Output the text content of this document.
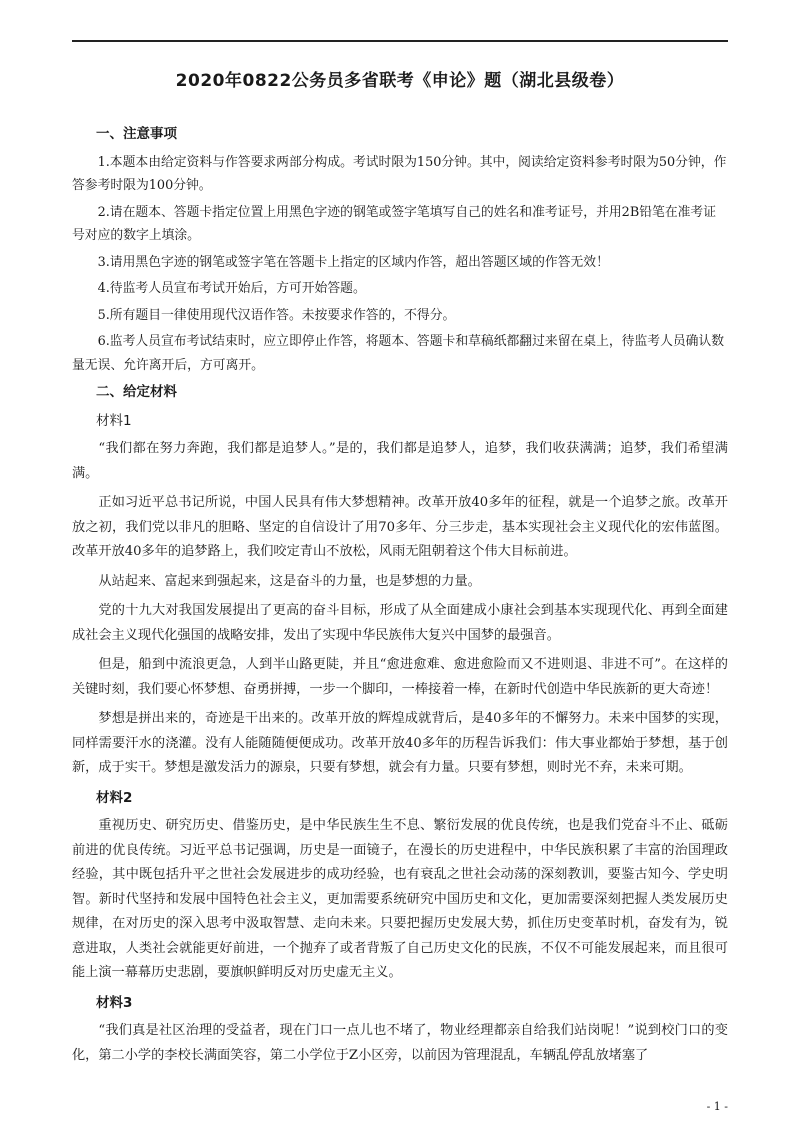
2020年0822公务员多省联考《申论》题（湖北县级卷）
一、注意事项

1.本题本由给定资料与作答要求两部分构成。考试时限为150分钟。其中，阅读给定资料参考时限为50分钟，作答参考时限为100分钟。

2.请在题本、答题卡指定位置上用黑色字迹的钢笔或签字笔填写自己的姓名和准考证号，并用2B铅笔在准考证号对应的数字上填涂。

3.请用黑色字迹的钢笔或签字笔在答题卡上指定的区域内作答，超出答题区域的作答无效！

4.待监考人员宣布考试开始后，方可开始答题。

5.所有题目一律使用现代汉语作答。未按要求作答的，不得分。

6.监考人员宣布考试结束时，应立即停止作答，将题本、答题卡和草稿纸都翻过来留在桌上，待监考人员确认数量无误、允许离开后，方可离开。

二、给定材料
材料1

“我们都在努力奔跑，我们都是追梦人。”是的，我们都是追梦人，追梦，我们收获满满；追梦，我们希望满满。

正如习近平总书记所说，中国人民具有伟大梦想精神。改革开放40多年的征程，就是一个追梦之旅。改革开放之初，我们党以非凡的胆略、坚定的自信设计了用70多年、分三步走，基本实现社会主义现代化的宏伟蓝图。改革开放40多年的追梦路上，我们咬定青山不放松，风雨无阻朝着这个伟大目标前进。

从站起来、富起来到强起来，这是奋斗的力量，也是梦想的力量。

党的十九大对我国发展提出了更高的奋斗目标，形成了从全面建成小康社会到基本实现现代化、再到全面建成社会主义现代化强国的战略安排，发出了实现中华民族伟大复兴中国梦的最强音。

但是，船到中流浪更急，人到半山路更陡，并且“愈进愈难、愈进愈险而又不进则退、非进不可”。在这样的关键时刻，我们要心怀梦想、奋勇拼搏，一步一个脚印，一棒接着一棒，在新时代创造中华民族新的更大奇迹！

梦想是拼出来的，奇迹是干出来的。改革开放的辉煌成就背后，是40多年的不懈努力。未来中国梦的实现，同样需要汗水的浇灌。没有人能随随便便成功。改革开放40多年的历程告诉我们：伟大事业都始于梦想，基于创新，成于实干。梦想是激发活力的源泉，只要有梦想，就会有力量。只要有梦想，则时光不弃，未来可期。

材料2

重视历史、研究历史、借鉴历史，是中华民族生生不息、繁衍发展的优良传统，也是我们党奋斗不止、砥砺前进的优良传统。习近平总书记强调，历史是一面镜子，在漫长的历史进程中，中华民族积累了丰富的治国理政经验，其中既包括升平之世社会发展进步的成功经验，也有衰乱之世社会动荡的深刻教训，要鉴古知今、学史明智。新时代坚持和发展中国特色社会主义，更加需要系统研究中国历史和文化，更加需要深刻把握人类发展历史规律，在对历史的深入思考中汲取智慧、走向未来。只要把握历史发展大势，抓住历史变革时机，奋发有为，锐意进取，人类社会就能更好前进，一个抛弃了或者背叛了自己历史文化的民族，不仅不可能发展起来，而且很可能上演一幕幕历史悲剧，要旗帜鲜明反对历史虚无主义。

材料3

“我们真是社区治理的受益者，现在门口一点儿也不堵了，物业经理都亲自给我们站岗呢！”说到校门口的变化，第二小学的李校长满面笑容，第二小学位于Z小区旁，以前因为管理混乱，车辆乱停乱放堵塞了

- 1 -
